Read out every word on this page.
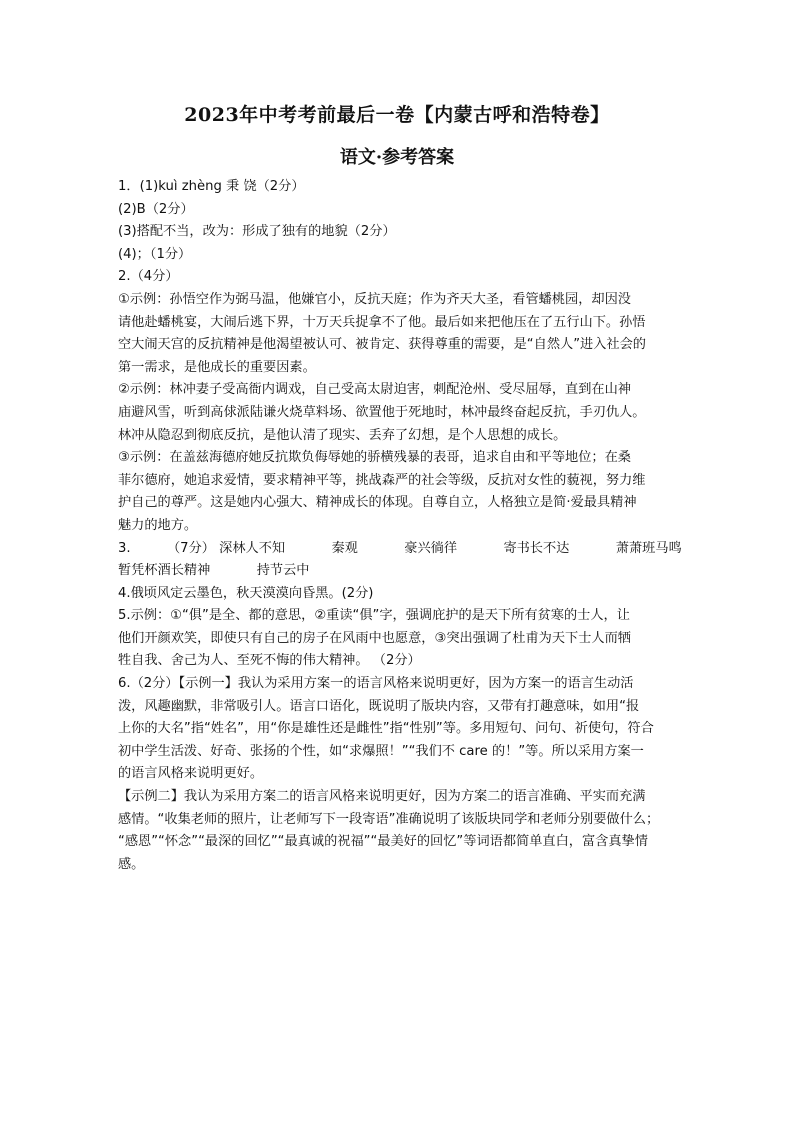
2023年中考考前最后一卷【内蒙古呼和浩特卷】
语文·参考答案

1．(1)kuì zhèng 秉 饶（2分）

(2)B（2分）

(3)搭配不当，改为：形成了独有的地貌（2分）

(4)；（1分）

2.（4分）

①示例：孙悟空作为弼马温，他嫌官小，反抗天庭；作为齐天大圣，看管蟠桃园，却因没

请他赴蟠桃宴，大闹后逃下界，十万天兵捉拿不了他。最后如来把他压在了五行山下。孙悟

空大闹天宫的反抗精神是他渴望被认可、被肯定、获得尊重的需要，是“自然人”进入社会的

第一需求，是他成长的重要因素。

②示例：林冲妻子受高衙内调戏，自己受高太尉迫害，刺配沧州、受尽屈辱，直到在山神

庙避风雪，听到高俅派陆谦火烧草料场、欲置他于死地时，林冲最终奋起反抗，手刃仇人。

林冲从隐忍到彻底反抗，是他认清了现实、丢弃了幻想，是个人思想的成长。

③示例：在盖兹海德府她反抗欺负侮辱她的骄横残暴的表哥，追求自由和平等地位；在桑

菲尔德府，她追求爱情，要求精神平等，挑战森严的社会等级，反抗对女性的藐视，努力维

护自己的尊严。这是她内心强大、精神成长的体现。自尊自立，人格独立是简·爱最具精神

魅力的地方。

3.	（7分） 深林人不知	秦观	豪兴徜徉	寄书长不达	萧萧班马鸣

暂凭杯酒长精神	持节云中

4.俄顷风定云墨色，秋天漠漠向昏黑。(2分)

5.示例：①“俱”是全、都的意思，②重读“俱”字，强调庇护的是天下所有贫寒的士人，让

他们开颜欢笑，即使只有自己的房子在风雨中也愿意，③突出强调了杜甫为天下士人而牺

牲自我、舍己为人、至死不悔的伟大精神。 （2分）

6.（2分）【示例一】我认为采用方案一的语言风格来说明更好，因为方案一的语言生动活

泼，风趣幽默，非常吸引人。语言口语化，既说明了版块内容，又带有打趣意味，如用“报

上你的大名”指“姓名”，用“你是雄性还是雌性”指“性别”等。多用短句、问句、祈使句，符合

初中学生活泼、好奇、张扬的个性，如“求爆照！”“我们不 care 的！”等。所以采用方案一

的语言风格来说明更好。

【示例二】我认为采用方案二的语言风格来说明更好，因为方案二的语言准确、平实而充满

感情。“收集老师的照片，让老师写下一段寄语”准确说明了该版块同学和老师分别要做什么；

“感恩”“怀念”“最深的回忆”“最真诚的祝福”“最美好的回忆”等词语都简单直白，富含真挚情

感。
